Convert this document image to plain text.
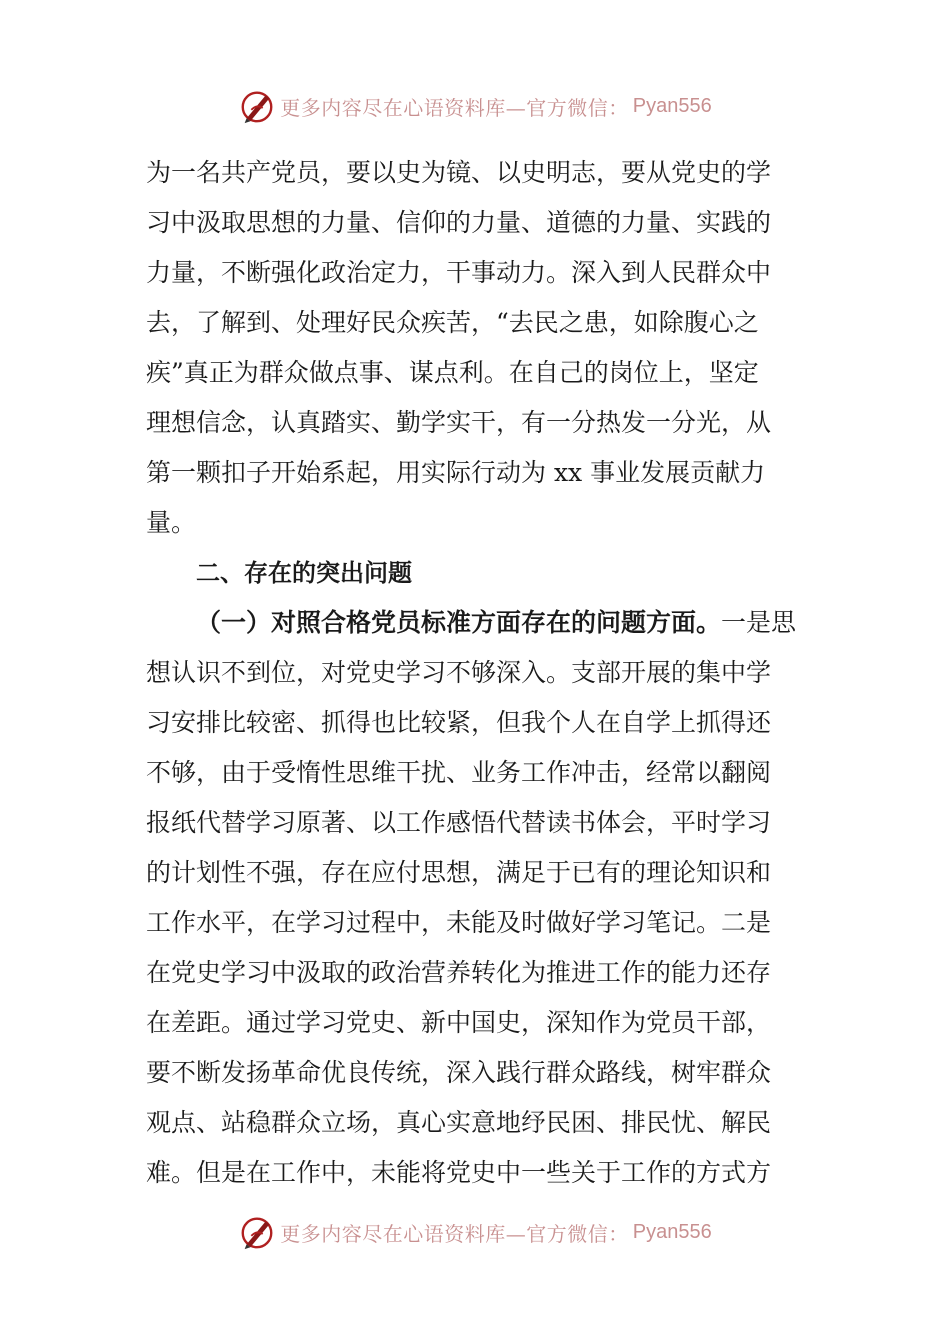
更多内容尽在心语资料库—官方微信： Pyan556
为一名共产党员，要以史为镜、以史明志，要从党史的学
习中汲取思想的力量、信仰的力量、道德的力量、实践的
力量，不断强化政治定力，干事动力。深入到人民群众中
去，了解到、处理好民众疾苦，“去民之患，如除腹心之
疾”真正为群众做点事、谋点利。在自己的岗位上，坚定
理想信念，认真踏实、勤学实干，有一分热发一分光，从
第一颗扣子开始系起，用实际行动为 xx 事业发展贡献力
量。
二、存在的突出问题
（一）对照合格党员标准方面存在的问题方面。一是思
想认识不到位，对党史学习不够深入。支部开展的集中学
习安排比较密、抓得也比较紧，但我个人在自学上抓得还
不够，由于受惰性思维干扰、业务工作冲击，经常以翻阅
报纸代替学习原著、以工作感悟代替读书体会，平时学习
的计划性不强，存在应付思想，满足于已有的理论知识和
工作水平，在学习过程中，未能及时做好学习笔记。二是
在党史学习中汲取的政治营养转化为推进工作的能力还存
在差距。通过学习党史、新中国史，深知作为党员干部，
要不断发扬革命优良传统，深入践行群众路线，树牢群众
观点、站稳群众立场，真心实意地纾民困、排民忧、解民
难。但是在工作中，未能将党史中一些关于工作的方式方
更多内容尽在心语资料库—官方微信： Pyan556
